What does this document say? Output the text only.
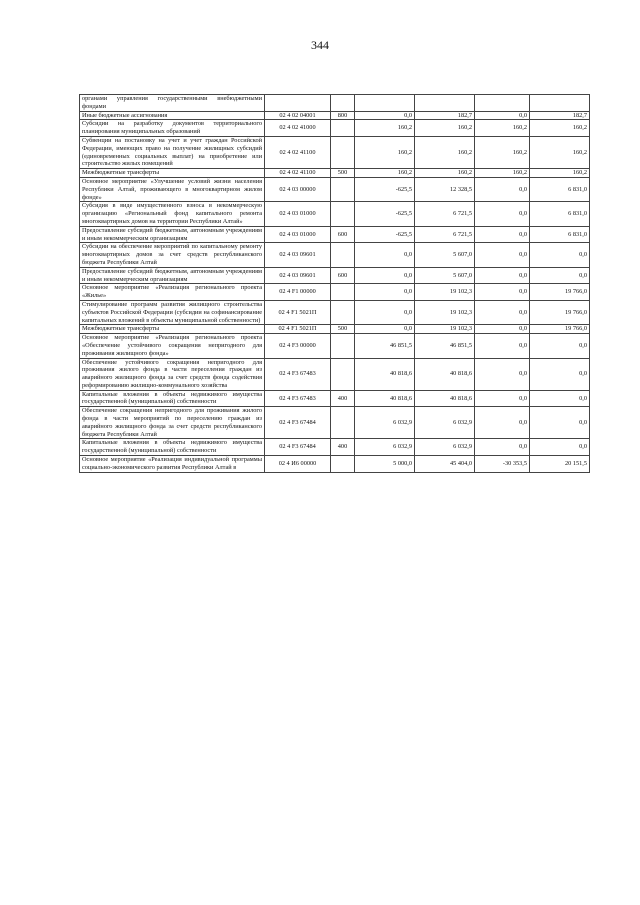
344
органами управления государственными внебюджетными фондами						
Иные бюджетные ассигнования	02 4 02 04001	800	0,0	182,7	0,0	182,7
Субсидии на разработку документов территориального планирования муниципальных образований	02 4 02 41000		160,2	160,2	160,2	160,2
Субвенции на постановку на учет и учет граждан Российской Федерации, имеющих право на получение жилищных субсидий (единовременных социальных выплат) на приобретение или строительство жилых помещений	02 4 02 41100		160,2	160,2	160,2	160,2
Межбюджетные трансферты	02 4 02 41100	500	160,2	160,2	160,2	160,2
Основное мероприятие «Улучшение условий жизни населения Республики Алтай, проживающего в многоквартирном жилом фонде»	02 4 03 00000		-625,5	12 328,5	0,0	6 831,0
Субсидия в виде имущественного взноса в некоммерческую организацию «Региональный фонд капитального ремонта многоквартирных домов на территории Республики Алтай»	02 4 03 01000		-625,5	6 721,5	0,0	6 831,0
Предоставление субсидий бюджетным, автономным учреждениям и иным некоммерческим организациям	02 4 03 01000	600	-625,5	6 721,5	0,0	6 831,0
Субсидии на обеспечение мероприятий по капитальному ремонту многоквартирных домов за счет средств республиканского бюджета Республики Алтай	02 4 03 09601		0,0	5 607,0	0,0	0,0
Предоставление субсидий бюджетным, автономным учреждениям и иным некоммерческим организациям	02 4 03 09601	600	0,0	5 607,0	0,0	0,0
Основное мероприятие «Реализация регионального проекта «Жилье»	02 4 F1 00000		0,0	19 102,3	0,0	19 766,0
Стимулирование программ развития жилищного строительства субъектов Российской Федерации (субсидии на софинансирование капитальных вложений в объекты муниципальной собственности)	02 4 F1 5021П		0,0	19 102,3	0,0	19 766,0
Межбюджетные трансферты	02 4 F1 5021П	500	0,0	19 102,3	0,0	19 766,0
Основное мероприятие «Реализация регионального проекта «Обеспечение устойчивого сокращения непригодного для проживания жилищного фонда»	02 4 F3 00000		46 851,5	46 851,5	0,0	0,0
Обеспечение устойчивого сокращения непригодного для проживания жилого фонда в части переселения граждан из аварийного жилищного фонда за счет средств фонда содействия реформированию жилищно-коммунального хозяйства	02 4 F3 67483		40 818,6	40 818,6	0,0	0,0
Капитальные вложения в объекты недвижимого имущества государственной (муниципальной) собственности	02 4 F3 67483	400	40 818,6	40 818,6	0,0	0,0
Обеспечение сокращения непригодного для проживания жилого фонда в части мероприятий по переселению граждан из аварийного жилищного фонда за счет средств республиканского бюджета Республики Алтай	02 4 F3 67484		6 032,9	6 032,9	0,0	0,0
Капитальные вложения в объекты недвижимого имущества государственной (муниципальной) собственности	02 4 F3 67484	400	6 032,9	6 032,9	0,0	0,0
Основное мероприятие «Реализация индивидуальной программы социально-экономического развития Республики Алтай в	02 4 И6 00000		5 000,0	45 404,0	-30 353,5	20 151,5
